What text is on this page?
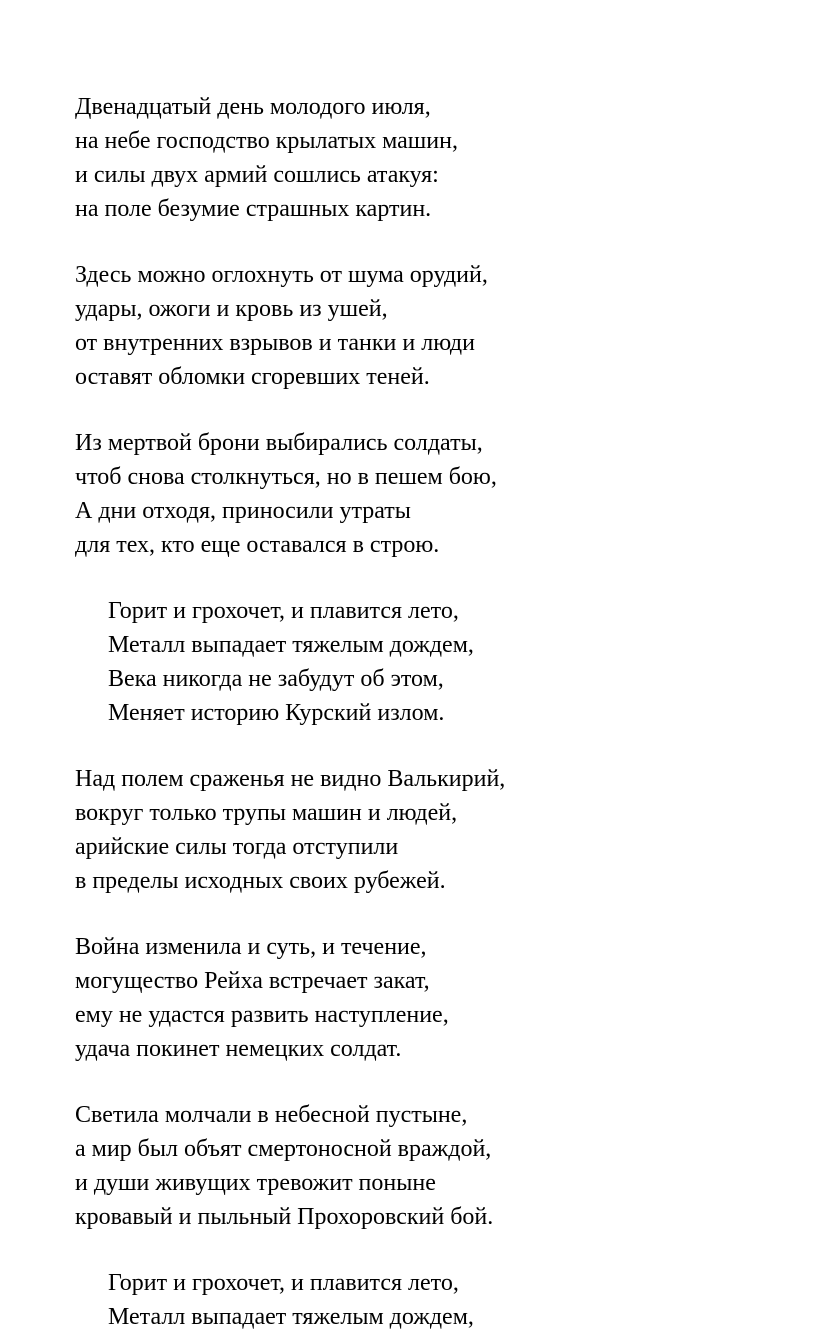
Двенадцатый день молодого июля,
на небе господство крылатых машин,
и силы двух армий сошлись атакуя:
на поле безумие страшных картин.
Здесь можно оглохнуть от шума орудий,
удары, ожоги и кровь из ушей,
от внутренних взрывов и танки и люди
оставят обломки сгоревших теней.
Из мертвой брони выбирались солдаты,
чтоб снова столкнуться, но в пешем бою,
А дни отходя, приносили утраты
для тех, кто еще оставался в строю.
Горит и грохочет, и плавится лето,
Металл выпадает тяжелым дождем,
Века никогда не забудут об этом,
Меняет историю Курский излом.
Над полем сраженья не видно Валькирий,
вокруг только трупы машин и людей,
арийские силы тогда отступили
в пределы исходных своих рубежей.
Война изменила и суть, и течение,
могущество Рейха встречает закат,
ему не удастся развить наступление,
удача покинет немецких солдат.
Светила молчали в небесной пустыне,
а мир был объят смертоносной враждой,
и души живущих тревожит поныне
кровавый и пыльный Прохоровский бой.
Горит и грохочет, и плавится лето,
Металл выпадает тяжелым дождем,
